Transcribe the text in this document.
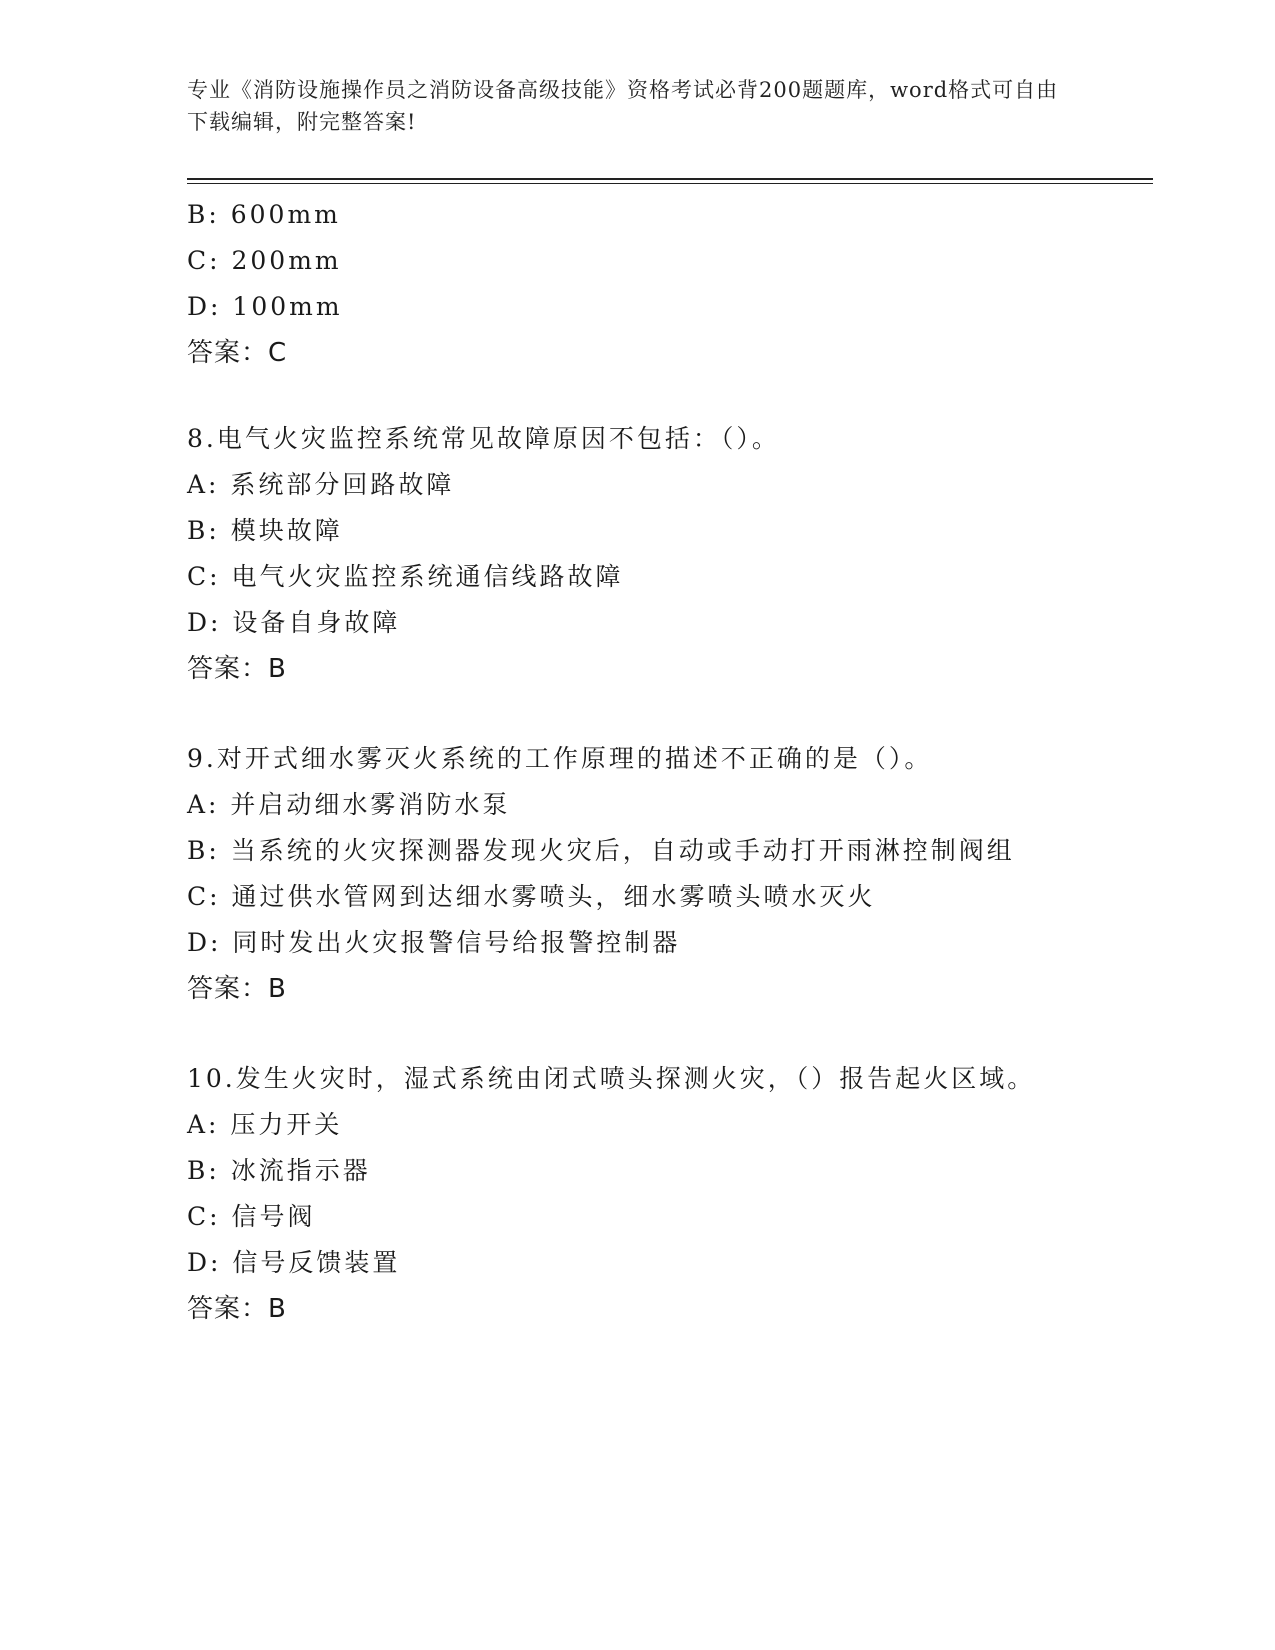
专业《消防设施操作员之消防设备高级技能》资格考试必背200题题库，word格式可自由下载编辑，附完整答案!
B: 600mm
C: 200mm
D: 100mm
答案：C
8.电气火灾监控系统常见故障原因不包括：（）。
A: 系统部分回路故障
B: 模块故障
C: 电气火灾监控系统通信线路故障
D: 设备自身故障
答案：B
9.对开式细水雾灭火系统的工作原理的描述不正确的是（）。
A: 并启动细水雾消防水泵
B: 当系统的火灾探测器发现火灾后，自动或手动打开雨淋控制阀组
C: 通过供水管网到达细水雾喷头，细水雾喷头喷水灭火
D: 同时发出火灾报警信号给报警控制器
答案：B
10.发生火灾时，湿式系统由闭式喷头探测火灾，（）报告起火区域。
A: 压力开关
B: 冰流指示器
C: 信号阀
D: 信号反馈装置
答案：B
